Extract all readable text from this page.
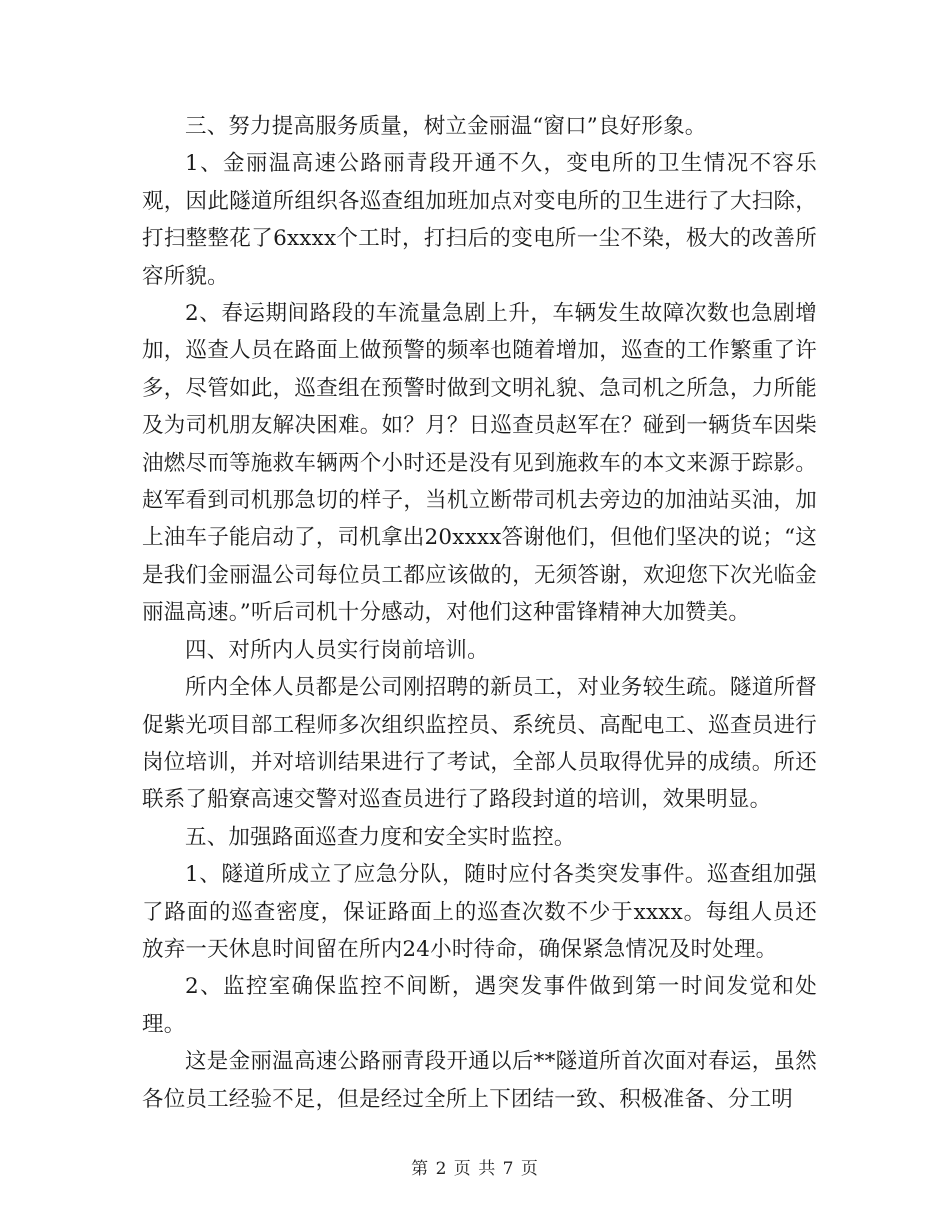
三、努力提高服务质量，树立金丽温“窗口”良好形象。

1、金丽温高速公路丽青段开通不久，变电所的卫生情况不容乐观，因此隧道所组织各巡查组加班加点对变电所的卫生进行了大扫除，打扫整整花了6xxxx个工时，打扫后的变电所一尘不染，极大的改善所容所貌。

2、春运期间路段的车流量急剧上升，车辆发生故障次数也急剧增加，巡查人员在路面上做预警的频率也随着增加，巡查的工作繁重了许多，尽管如此，巡查组在预警时做到文明礼貌、急司机之所急，力所能及为司机朋友解决困难。如？月？日巡查员赵军在？碰到一辆货车因柴油燃尽而等施救车辆两个小时还是没有见到施救车的本文来源于踪影。赵军看到司机那急切的样子，当机立断带司机去旁边的加油站买油，加上油车子能启动了，司机拿出20xxxx答谢他们，但他们坚决的说；“这是我们金丽温公司每位员工都应该做的，无须答谢，欢迎您下次光临金丽温高速。”听后司机十分感动，对他们这种雷锋精神大加赞美。

四、对所内人员实行岗前培训。

所内全体人员都是公司刚招聘的新员工，对业务较生疏。隧道所督促紫光项目部工程师多次组织监控员、系统员、高配电工、巡查员进行岗位培训，并对培训结果进行了考试，全部人员取得优异的成绩。所还联系了船寮高速交警对巡查员进行了路段封道的培训，效果明显。

五、加强路面巡查力度和安全实时监控。

1、隧道所成立了应急分队，随时应付各类突发事件。巡查组加强了路面的巡查密度，保证路面上的巡查次数不少于xxxx。每组人员还放弃一天休息时间留在所内24小时待命，确保紧急情况及时处理。

2、监控室确保监控不间断，遇突发事件做到第一时间发觉和处理。

这是金丽温高速公路丽青段开通以后**隧道所首次面对春运，虽然各位员工经验不足，但是经过全所上下团结一致、积极准备、分工明

第 2 页 共 7 页
